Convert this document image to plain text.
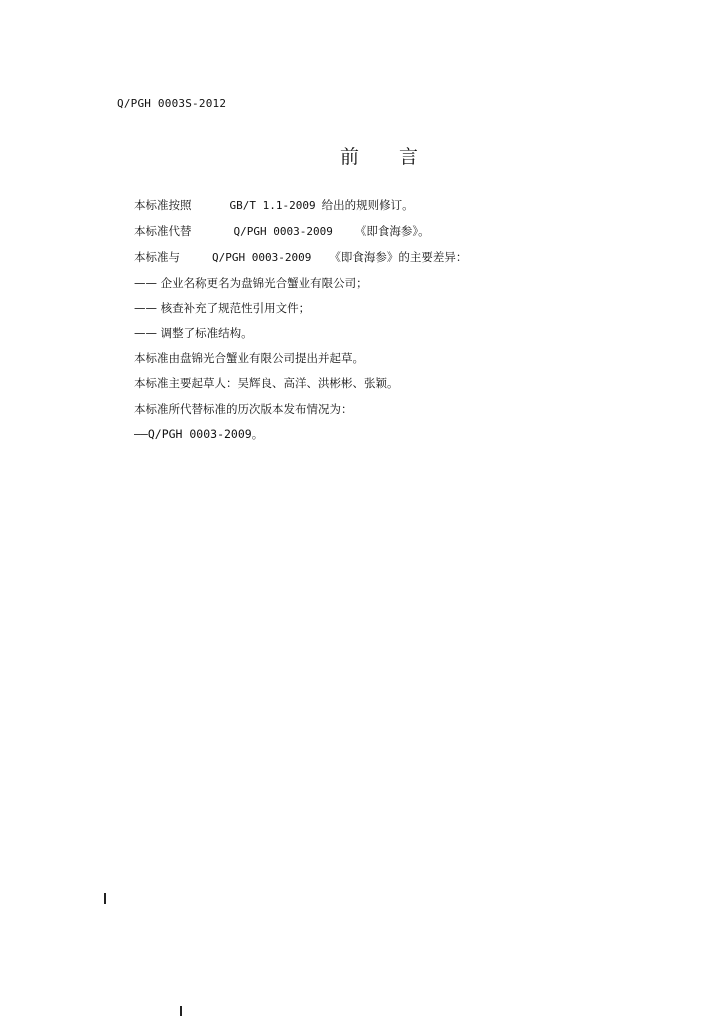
Q/PGH 0003S-2012
前 言
本标准按照	GB/T 1.1-2009 给出的规则修订。
本标准代替	Q/PGH 0003-2009 《即食海参》。
本标准与	Q/PGH 0003-2009 《即食海参》的主要差异：
—— 企业名称更名为盘锦光合蟹业有限公司；
—— 核查补充了规范性引用文件；
—— 调整了标准结构。
本标准由盘锦光合蟹业有限公司提出并起草。
本标准主要起草人：吴辉良、高洋、洪彬彬、张颖。
本标准所代替标准的历次版本发布情况为：
——Q/PGH 0003-2009。
